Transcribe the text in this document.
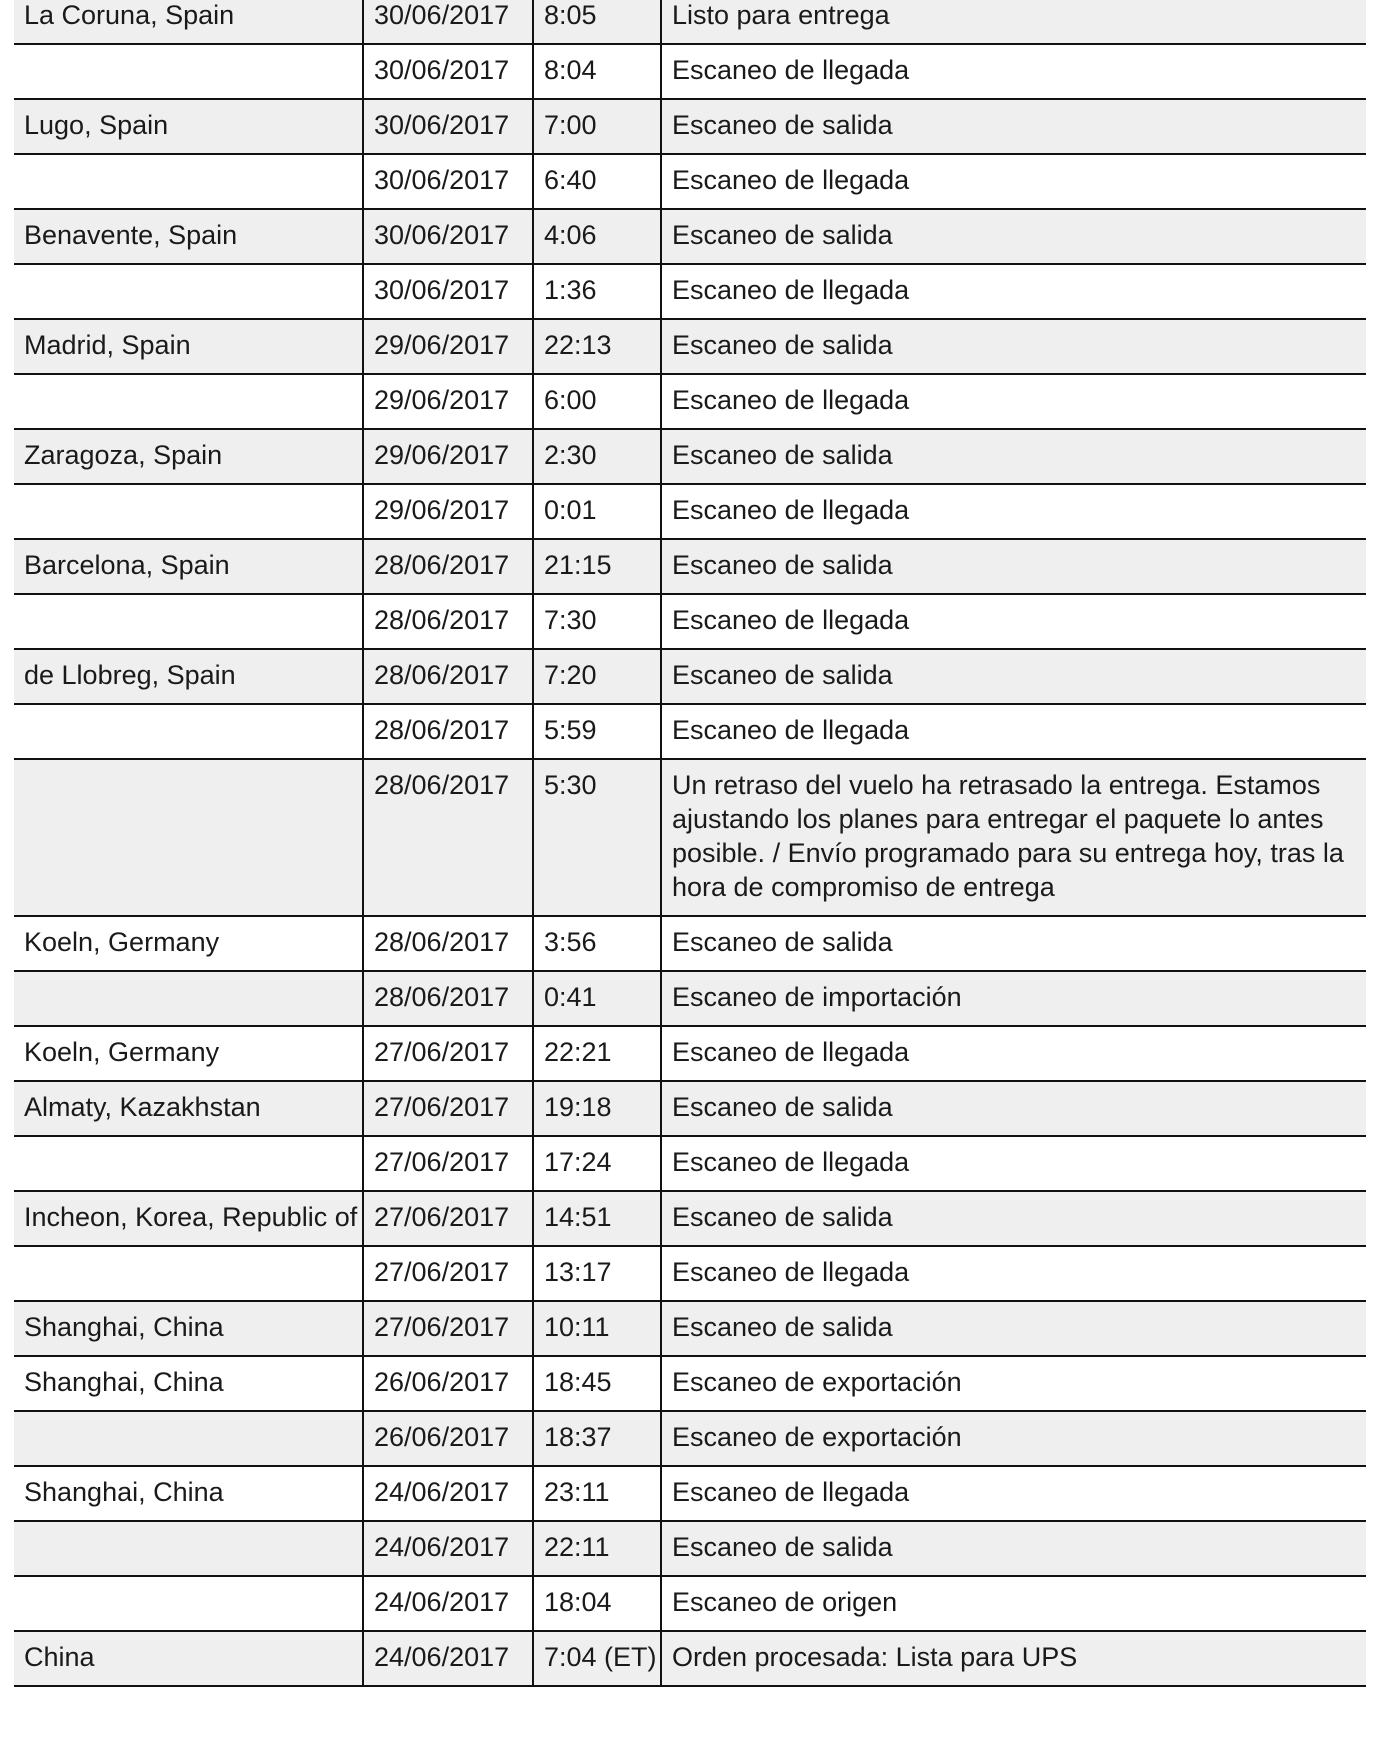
La Coruna, Spain	30/06/2017	8:05	Listo para entrega
	30/06/2017	8:04	Escaneo de llegada
Lugo, Spain	30/06/2017	7:00	Escaneo de salida
	30/06/2017	6:40	Escaneo de llegada
Benavente, Spain	30/06/2017	4:06	Escaneo de salida
	30/06/2017	1:36	Escaneo de llegada
Madrid, Spain	29/06/2017	22:13	Escaneo de salida
	29/06/2017	6:00	Escaneo de llegada
Zaragoza, Spain	29/06/2017	2:30	Escaneo de salida
	29/06/2017	0:01	Escaneo de llegada
Barcelona, Spain	28/06/2017	21:15	Escaneo de salida
	28/06/2017	7:30	Escaneo de llegada
de Llobreg, Spain	28/06/2017	7:20	Escaneo de salida
	28/06/2017	5:59	Escaneo de llegada
	28/06/2017	5:30	Un retraso del vuelo ha retrasado la entrega. Estamos ajustando los planes para entregar el paquete lo antes posible. / Envío programado para su entrega hoy, tras la hora de compromiso de entrega
Koeln, Germany	28/06/2017	3:56	Escaneo de salida
	28/06/2017	0:41	Escaneo de importación
Koeln, Germany	27/06/2017	22:21	Escaneo de llegada
Almaty, Kazakhstan	27/06/2017	19:18	Escaneo de salida
	27/06/2017	17:24	Escaneo de llegada
Incheon, Korea, Republic of	27/06/2017	14:51	Escaneo de salida
	27/06/2017	13:17	Escaneo de llegada
Shanghai, China	27/06/2017	10:11	Escaneo de salida
Shanghai, China	26/06/2017	18:45	Escaneo de exportación
	26/06/2017	18:37	Escaneo de exportación
Shanghai, China	24/06/2017	23:11	Escaneo de llegada
	24/06/2017	22:11	Escaneo de salida
	24/06/2017	18:04	Escaneo de origen
China	24/06/2017	7:04 (ET)	Orden procesada: Lista para UPS
